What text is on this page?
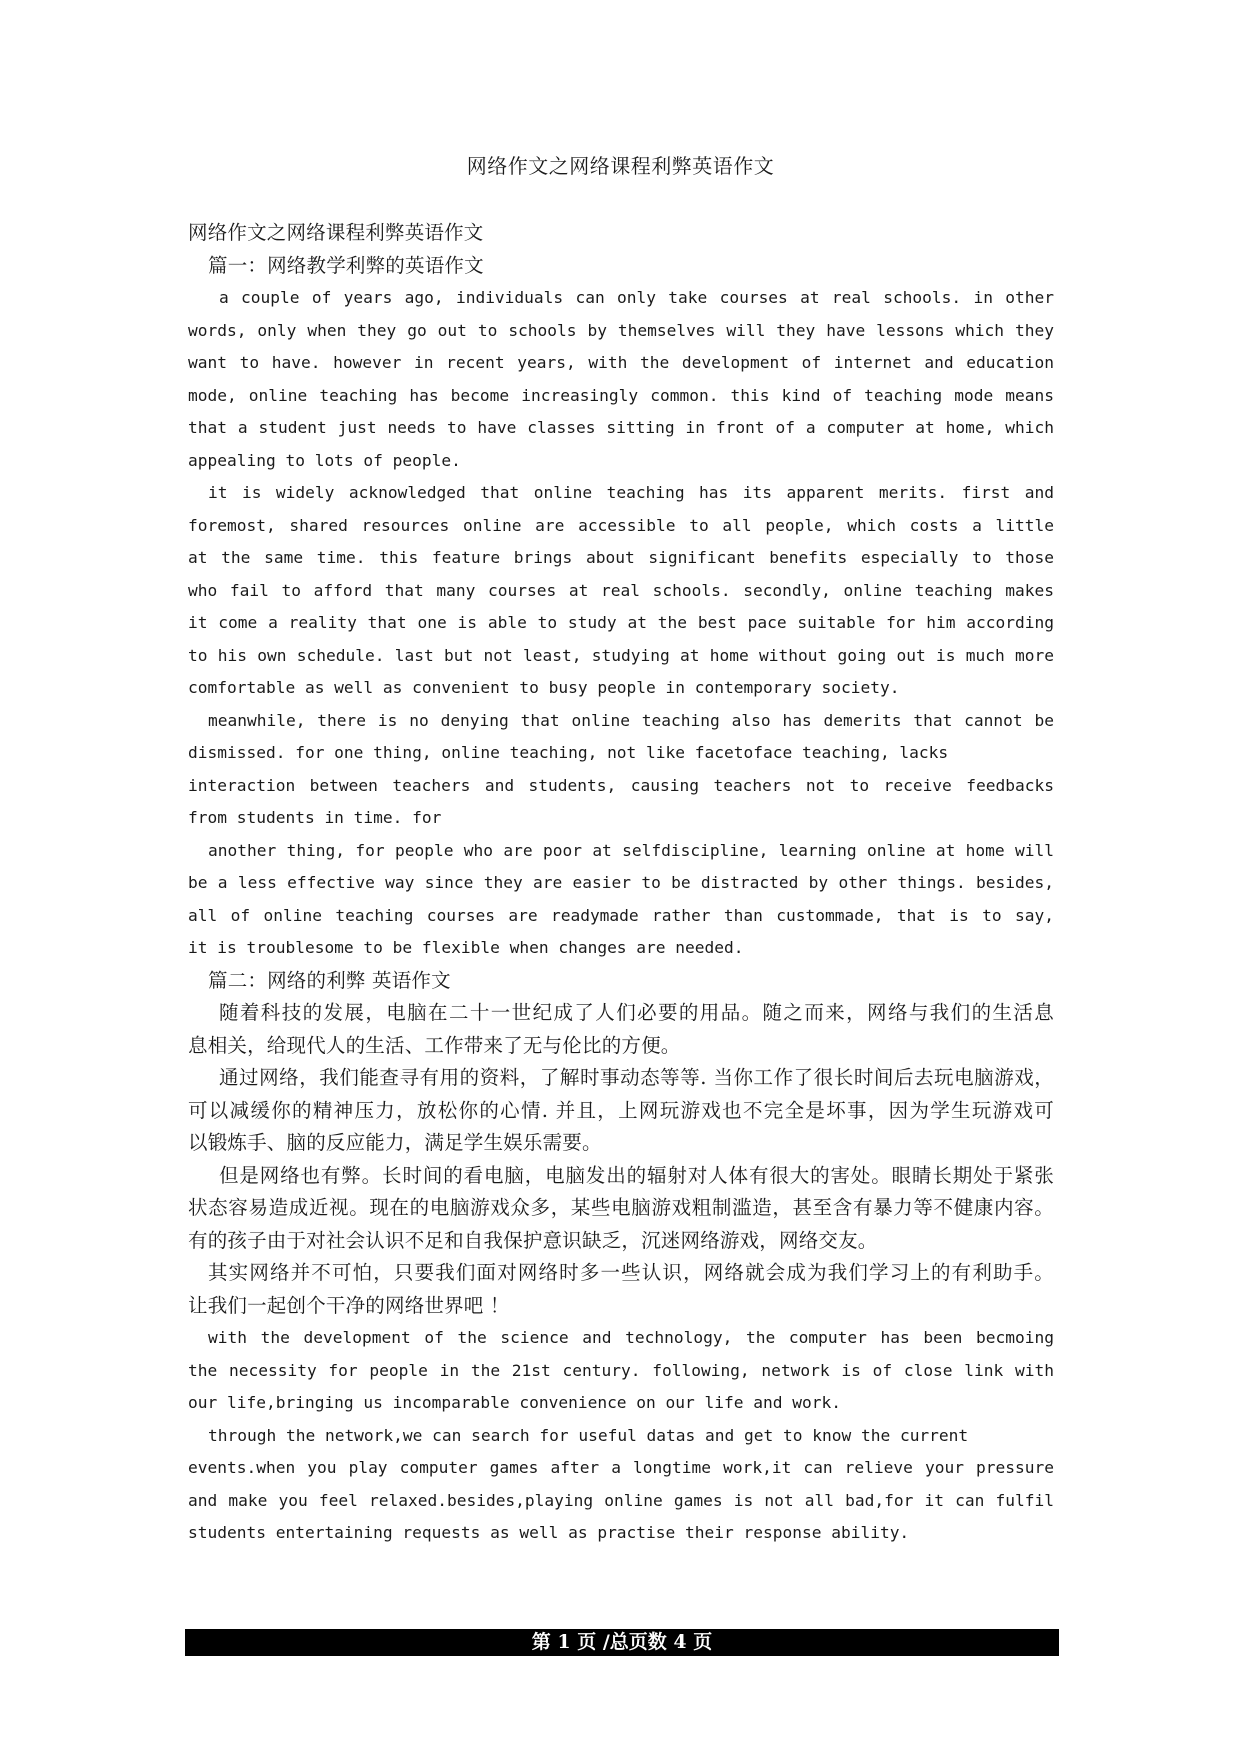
网络作文之网络课程利弊英语作文
网络作文之网络课程利弊英语作文
篇一：网络教学利弊的英语作文
a couple of years ago, individuals can only take courses at real schools. in other
words, only when they go out to schools by themselves will they have lessons which they
want to have. however in recent years, with the development of internet and education
mode, online teaching has become increasingly common. this kind of teaching mode means
that a student just needs to have classes sitting in front of a computer at home, which
appealing to lots of people.
it is widely acknowledged that online teaching has its apparent merits. first and
foremost, shared resources online are accessible to all people, which costs a little
at the same time. this feature brings about significant benefits especially to those
who fail to afford that many courses at real schools. secondly, online teaching makes
it come a reality that one is able to study at the best pace suitable for him according
to his own schedule. last but not least, studying at home without going out is much more
comfortable as well as convenient to busy people in contemporary society.
meanwhile, there is no denying that online teaching also has demerits that cannot be
dismissed. for one thing, online teaching, not like facetoface teaching, lacks
interaction between teachers and students, causing teachers not to receive feedbacks
from students in time. for
another thing, for people who are poor at selfdiscipline, learning online at home will
be a less effective way since they are easier to be distracted by other things. besides,
all of online teaching courses are readymade rather than custommade, that is to say,
it is troublesome to be flexible when changes are needed.
篇二：网络的利弊 英语作文
随着科技的发展，电脑在二十一世纪成了人们必要的用品。随之而来，网络与我们的生活息
息相关，给现代人的生活、工作带来了无与伦比的方便。
通过网络，我们能查寻有用的资料，了解时事动态等等. 当你工作了很长时间后去玩电脑游戏，
可以减缓你的精神压力，放松你的心情. 并且，上网玩游戏也不完全是坏事，因为学生玩游戏可
以锻炼手、脑的反应能力，满足学生娱乐需要。
但是网络也有弊。长时间的看电脑，电脑发出的辐射对人体有很大的害处。眼睛长期处于紧张
状态容易造成近视。现在的电脑游戏众多，某些电脑游戏粗制滥造，甚至含有暴力等不健康内容。
有的孩子由于对社会认识不足和自我保护意识缺乏，沉迷网络游戏，网络交友。
其实网络并不可怕，只要我们面对网络时多一些认识，网络就会成为我们学习上的有利助手。
让我们一起创个干净的网络世界吧 ！
with the development of the science and technology, the computer has been becmoing
the necessity for people in the 21st century. following, network is of close link with
our life,bringing us incomparable convenience on our life and work.
through the network,we can search for useful datas and get to know the current
events.when you play computer games after a longtime work,it can relieve your pressure
and make you feel relaxed.besides,playing online games is not all bad,for it can fulfil
students entertaining requests as well as practise their response ability.
第 1 页 /总页数 4 页
